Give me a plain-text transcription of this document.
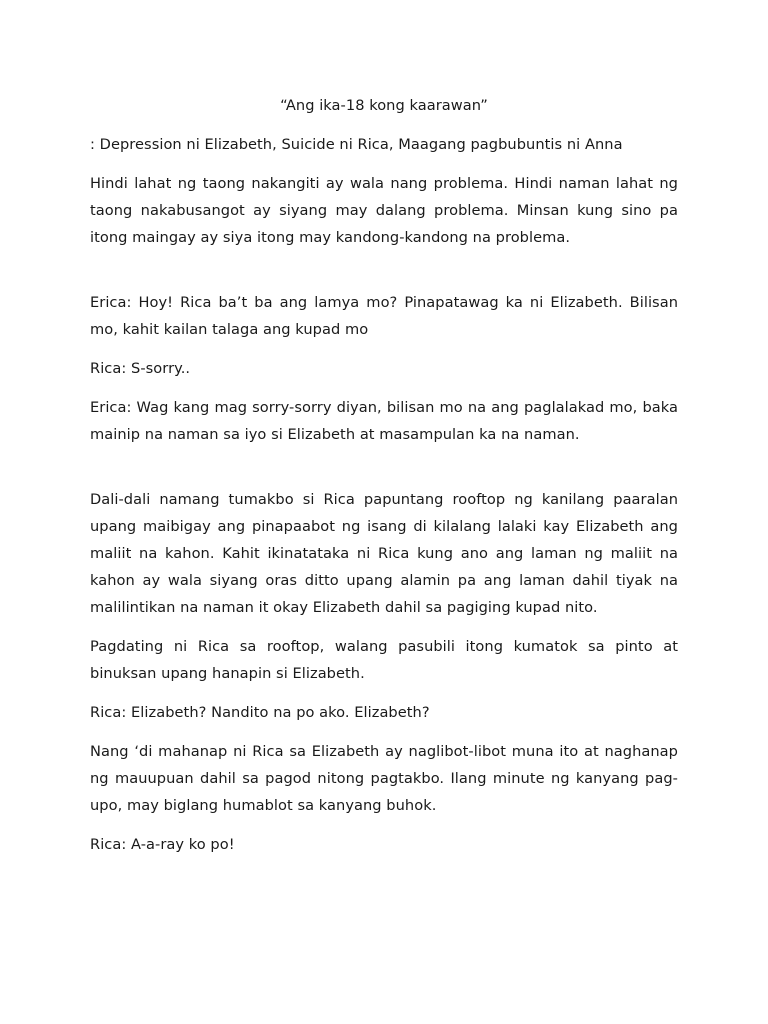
“Ang ika-18 kong kaarawan”

: Depression ni Elizabeth, Suicide ni Rica, Maagang pagbubuntis ni Anna

Hindi lahat ng taong nakangiti ay wala nang problema. Hindi naman lahat ng taong nakabusangot ay siyang may dalang problema. Minsan kung sino pa itong maingay ay siya itong may kandong-kandong na problema.

Erica: Hoy! Rica ba’t ba ang lamya mo? Pinapatawag ka ni Elizabeth. Bilisan mo, kahit kailan talaga ang kupad mo

Rica: S-sorry..

Erica: Wag kang mag sorry-sorry diyan, bilisan mo na ang paglalakad mo, baka mainip na naman sa iyo si Elizabeth at masampulan ka na naman.

Dali-dali namang tumakbo si Rica papuntang rooftop ng kanilang paaralan upang maibigay ang pinapaabot ng isang di kilalang lalaki kay Elizabeth ang maliit na kahon. Kahit ikinatataka ni Rica kung ano ang laman ng maliit na kahon ay wala siyang oras ditto upang alamin pa ang laman dahil tiyak na malilintikan na naman it okay Elizabeth dahil sa pagiging kupad nito.

Pagdating ni Rica sa rooftop, walang pasubili itong kumatok sa pinto at binuksan upang hanapin si Elizabeth.

Rica: Elizabeth? Nandito na po ako. Elizabeth?

Nang ‘di mahanap ni Rica sa Elizabeth ay naglibot-libot muna ito at naghanap ng mauupuan dahil sa pagod nitong pagtakbo. Ilang minute ng kanyang pag-upo, may biglang humablot sa kanyang buhok.

Rica: A-a-ray ko po!
